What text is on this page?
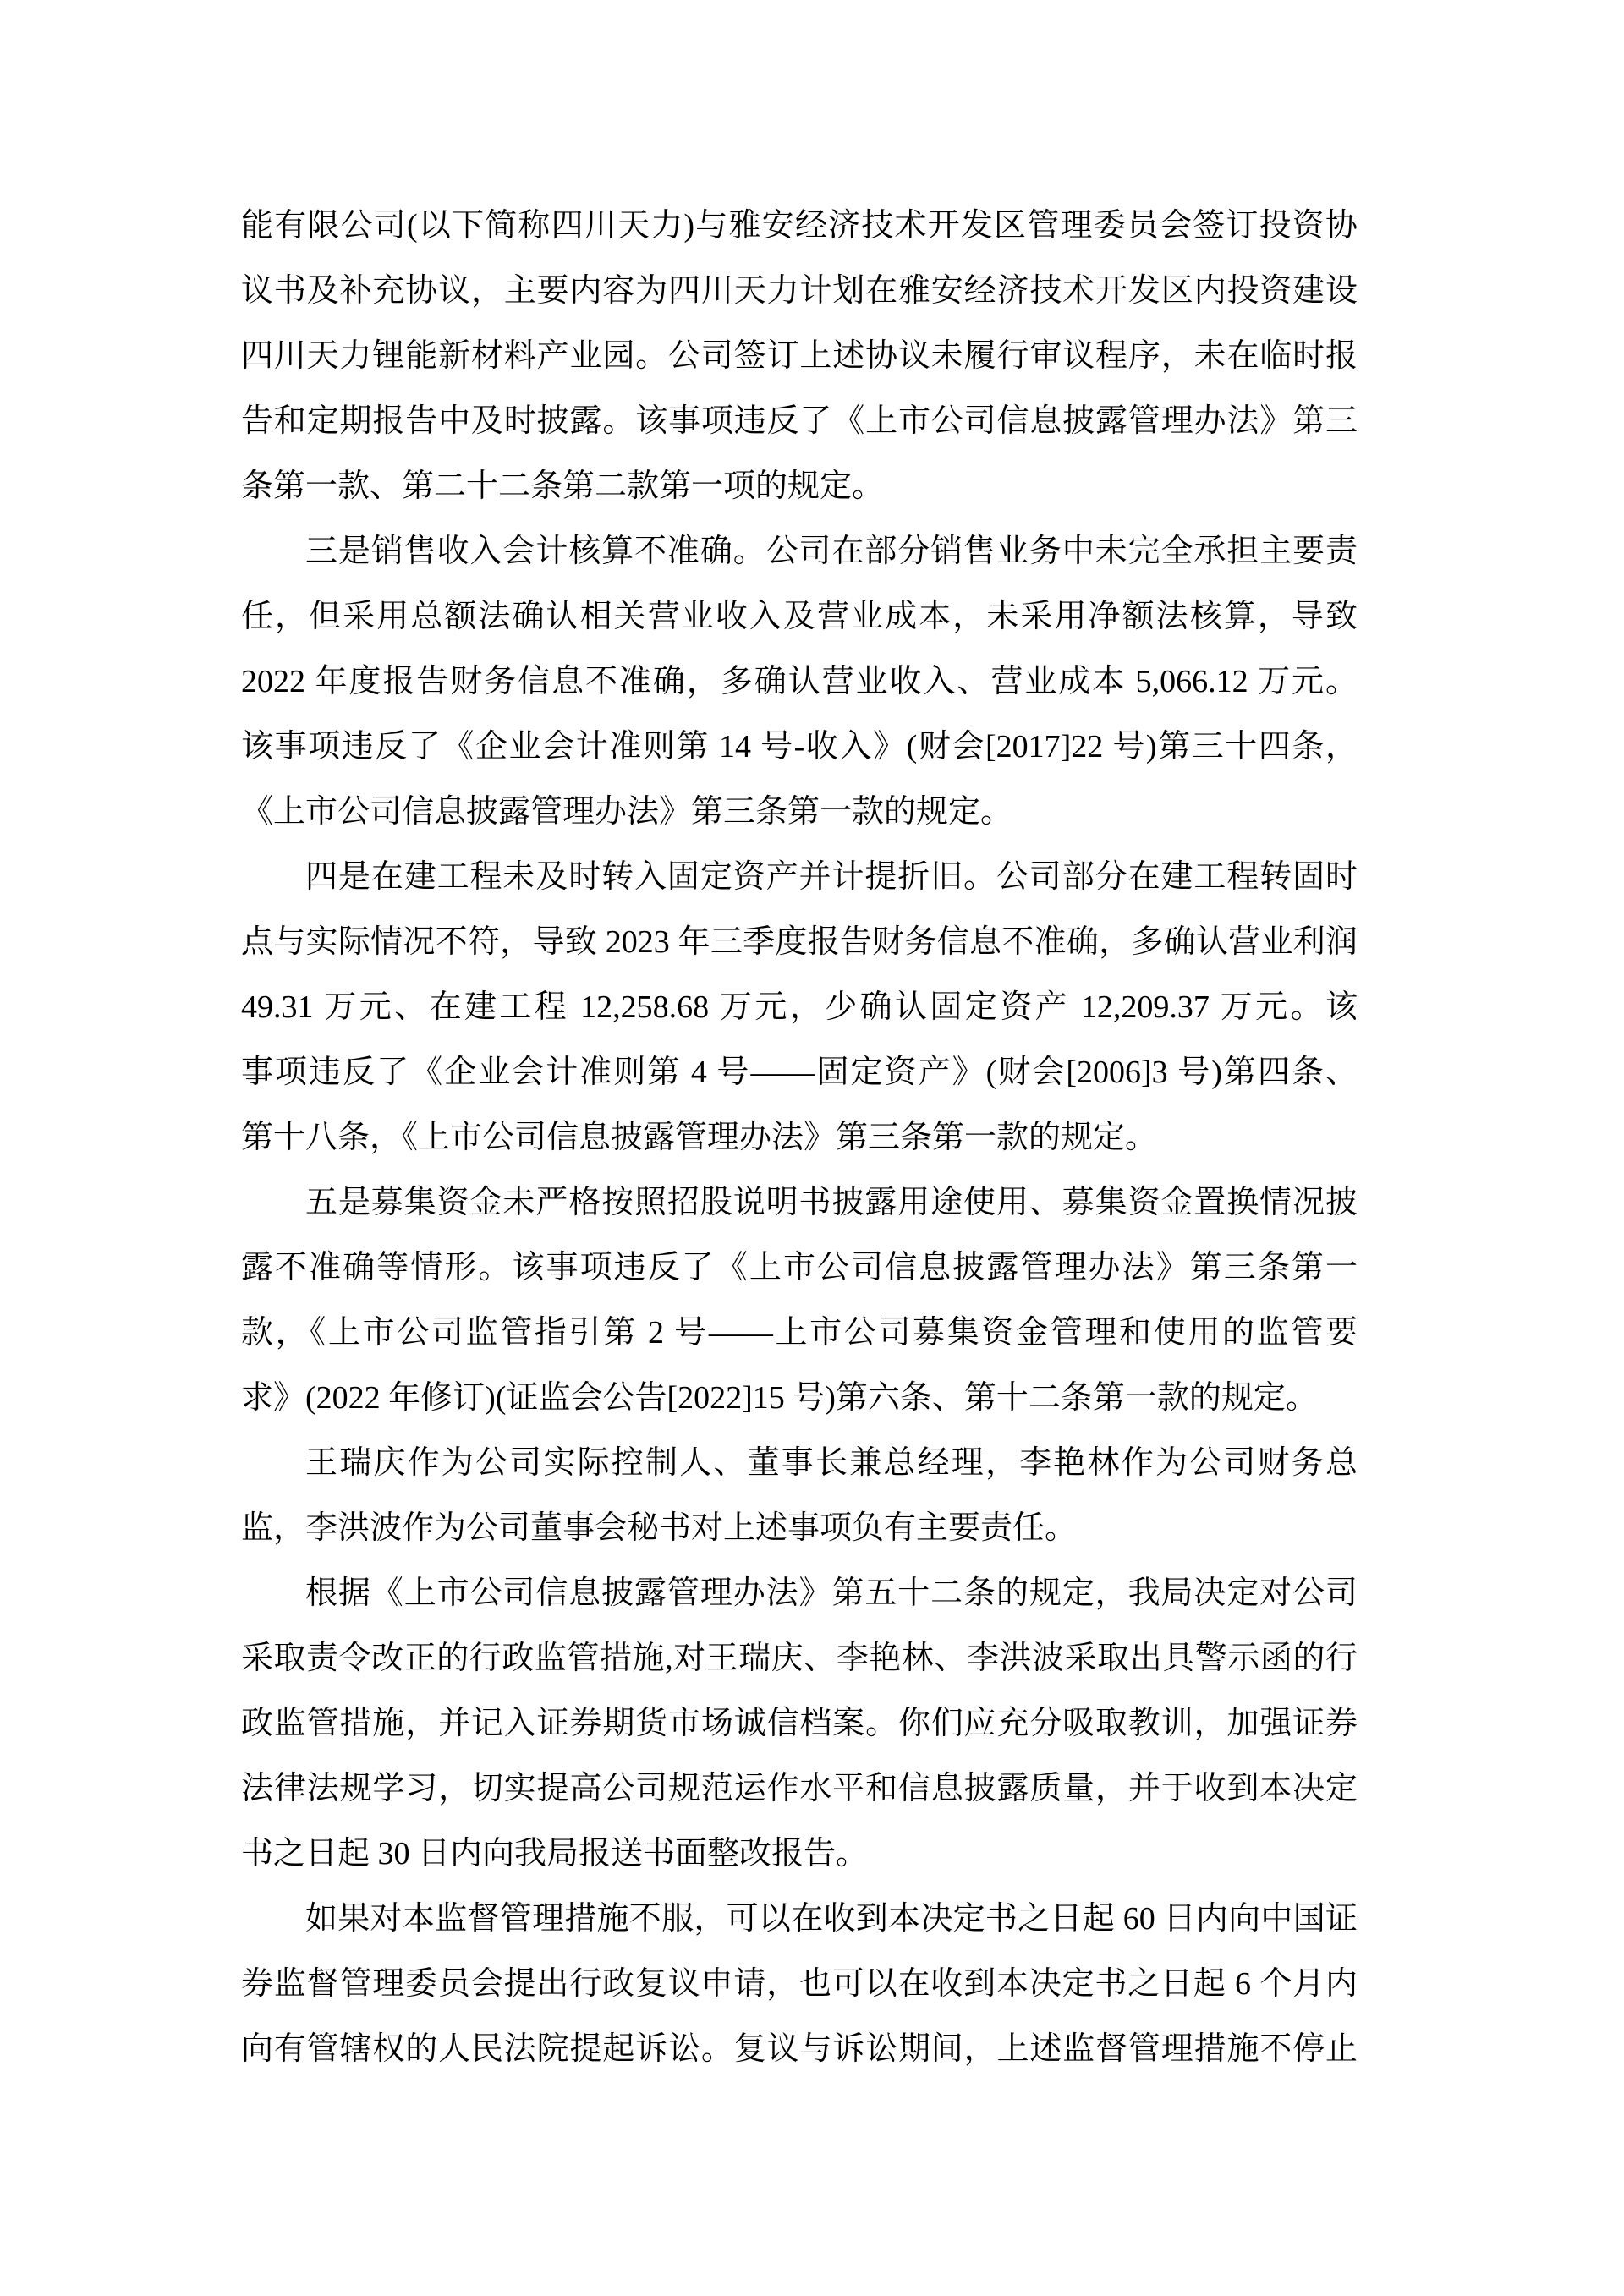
能有限公司(以下简称四川天力)与雅安经济技术开发区管理委员会签订投资协
议书及补充协议，主要内容为四川天力计划在雅安经济技术开发区内投资建设
四川天力锂能新材料产业园。公司签订上述协议未履行审议程序，未在临时报
告和定期报告中及时披露。该事项违反了《上市公司信息披露管理办法》第三
条第一款、第二十二条第二款第一项的规定。
三是销售收入会计核算不准确。公司在部分销售业务中未完全承担主要责
任，但采用总额法确认相关营业收入及营业成本，未采用净额法核算，导致
2022 年度报告财务信息不准确，多确认营业收入、营业成本 5,066.12 万元。
该事项违反了《企业会计准则第 14 号-收入》(财会[2017]22 号)第三十四条，
《上市公司信息披露管理办法》第三条第一款的规定。
四是在建工程未及时转入固定资产并计提折旧。公司部分在建工程转固时
点与实际情况不符，导致 2023 年三季度报告财务信息不准确，多确认营业利润
49.31 万元、在建工程 12,258.68 万元，少确认固定资产 12,209.37 万元。该
事项违反了《企业会计准则第 4 号——固定资产》(财会[2006]3 号)第四条、
第十八条，《上市公司信息披露管理办法》第三条第一款的规定。
五是募集资金未严格按照招股说明书披露用途使用、募集资金置换情况披
露不准确等情形。该事项违反了《上市公司信息披露管理办法》第三条第一
款，《上市公司监管指引第 2 号——上市公司募集资金管理和使用的监管要
求》(2022 年修订)(证监会公告[2022]15 号)第六条、第十二条第一款的规定。
王瑞庆作为公司实际控制人、董事长兼总经理，李艳林作为公司财务总
监，李洪波作为公司董事会秘书对上述事项负有主要责任。
根据《上市公司信息披露管理办法》第五十二条的规定，我局决定对公司
采取责令改正的行政监管措施,对王瑞庆、李艳林、李洪波采取出具警示函的行
政监管措施，并记入证券期货市场诚信档案。你们应充分吸取教训，加强证券
法律法规学习，切实提高公司规范运作水平和信息披露质量，并于收到本决定
书之日起 30 日内向我局报送书面整改报告。
如果对本监督管理措施不服，可以在收到本决定书之日起 60 日内向中国证
券监督管理委员会提出行政复议申请，也可以在收到本决定书之日起 6 个月内
向有管辖权的人民法院提起诉讼。复议与诉讼期间，上述监督管理措施不停止
